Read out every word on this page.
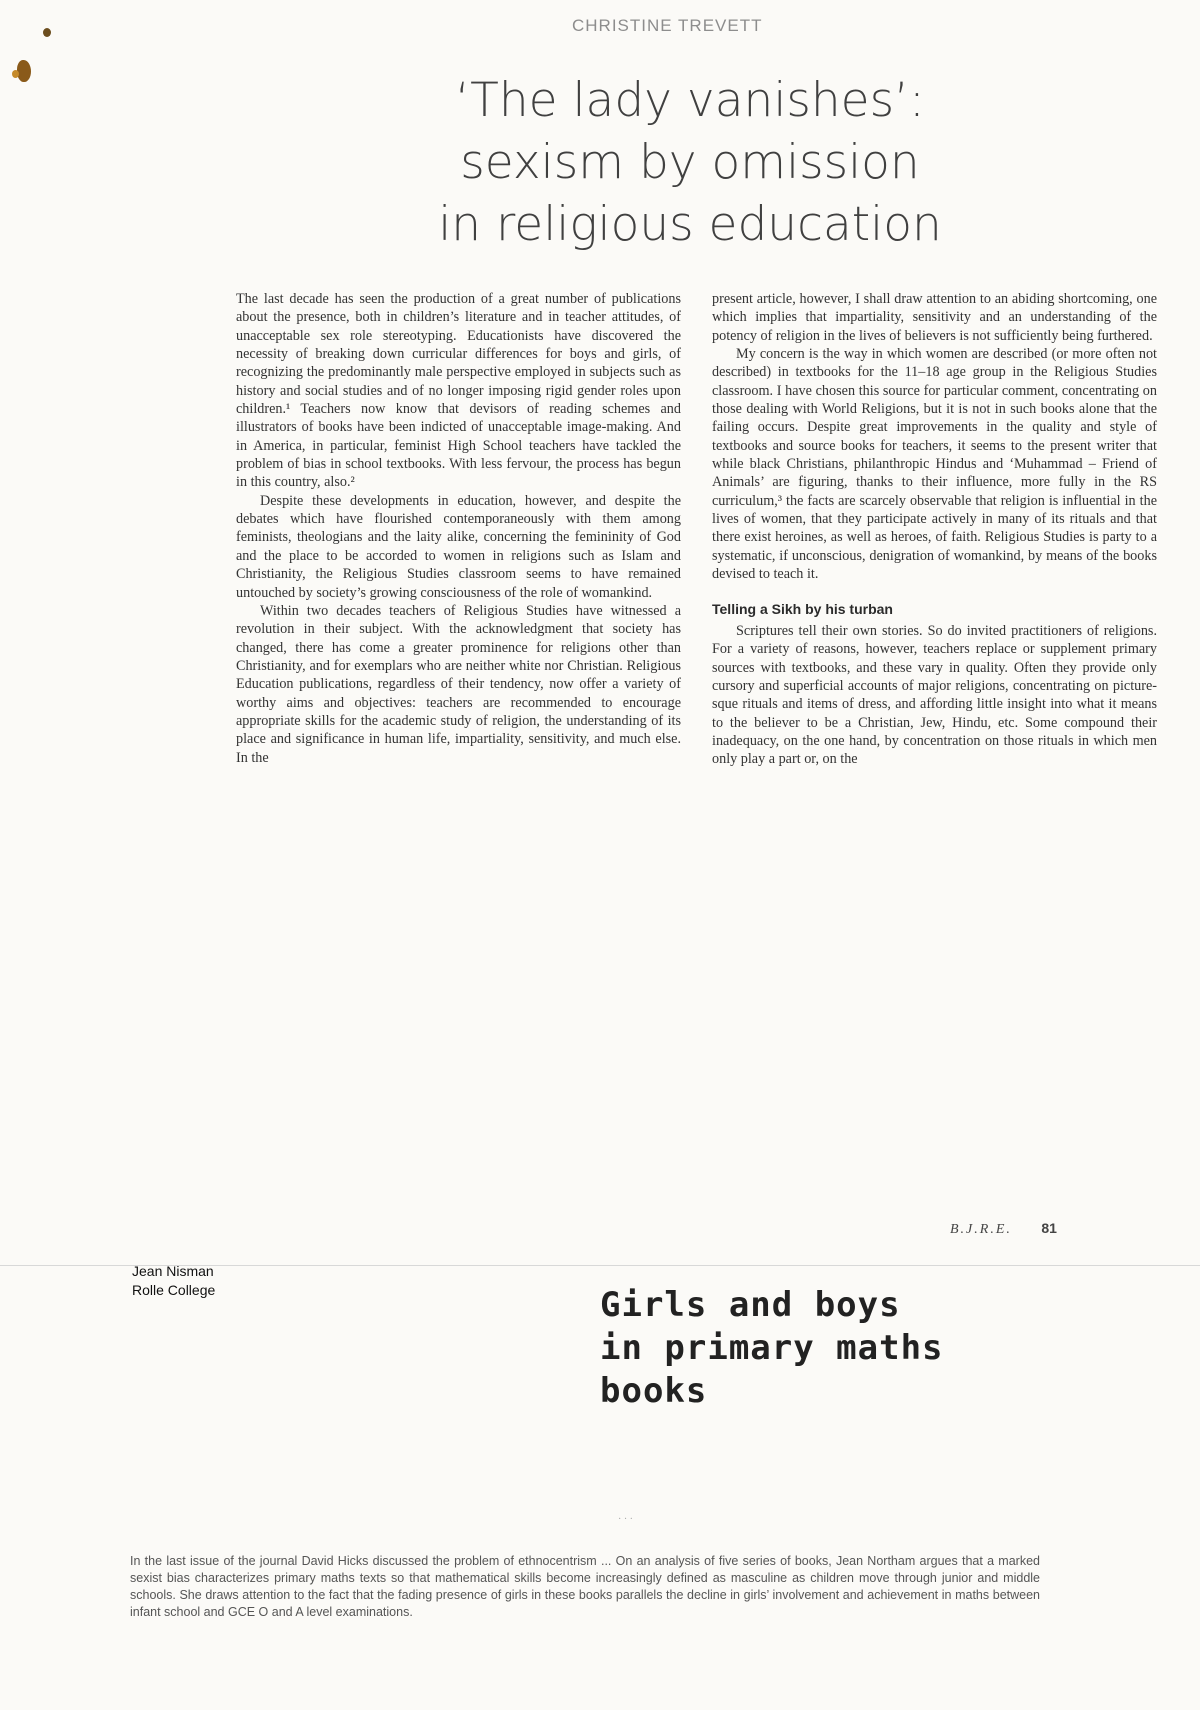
CHRISTINE TREVETT
‘The lady vanishes’:
sexism by omission
in religious education

The last decade has seen the production of a great number of publications about the presence, both in children’s literature and in teacher attitudes, of unacceptable sex role stereotyping. Educationists have discovered the necessity of breaking down curricular differences for boys and girls, of recognizing the predominantly male perspective employed in subjects such as history and social studies and of no longer imposing rigid gender roles upon children.¹ Teachers now know that devisors of reading schemes and illustrators of books have been indicted of unacceptable image-making. And in America, in particular, feminist High School teachers have tackled the problem of bias in school textbooks. With less fervour, the process has begun in this country, also.²

Despite these developments in education, however, and despite the debates which have flourished contemporaneously with them among feminists, theologians and the laity alike, concerning the femininity of God and the place to be accorded to women in religions such as Islam and Christianity, the Religious Studies classroom seems to have remained untouched by society’s growing consciousness of the role of womankind.

Within two decades teachers of Religious Studies have witnessed a revolution in their subject. With the acknowledgment that society has changed, there has come a greater prominence for religions other than Christianity, and for exemplars who are neither white nor Christian. Religious Education publications, regardless of their tendency, now offer a variety of worthy aims and objectives: teachers are recommended to encourage appropriate skills for the academic study of religion, the understanding of its place and significance in human life, impartiality, sensitivity, and much else. In the

present article, however, I shall draw attention to an abiding shortcoming, one which implies that impartiality, sensitivity and an understanding of the potency of religion in the lives of believers is not sufficiently being furthered.

My concern is the way in which women are described (or more often not described) in textbooks for the 11–18 age group in the Religious Studies classroom. I have chosen this source for particular comment, concentrating on those dealing with World Religions, but it is not in such books alone that the failing occurs. Despite great improvements in the quality and style of textbooks and source books for teachers, it seems to the present writer that while black Christians, philanthropic Hindus and ‘Muhammad – Friend of Animals’ are figuring, thanks to their influence, more fully in the RS curriculum,³ the facts are scarcely observable that religion is influential in the lives of women, that they participate actively in many of its rituals and that there exist heroines, as well as heroes, of faith. Religious Studies is party to a systematic, if unconscious, denigration of womankind, by means of the books devised to teach it.

Telling a Sikh by his turban

Scriptures tell their own stories. So do invited practitioners of religions. For a variety of reasons, however, teachers replace or supplement primary sources with textbooks, and these vary in quality. Often they provide only cursory and superficial accounts of major religions, concentrating on picture-sque rituals and items of dress, and affording little insight into what it means to the believer to be a Christian, Jew, Hindu, etc. Some compound their inadequacy, on the one hand, by concentration on those rituals in which men only play a part or, on the

B.J.R.E. 81
Jean Nisman
Rolle College	Girls and boys
in primary maths
books
· · ·
In the last issue of the journal David Hicks discussed the problem of ethnocentrism ... On an analysis of five series of books, Jean Northam argues that a marked sexist bias characterizes primary maths texts so that mathematical skills become increasingly defined as masculine as children move through junior and middle schools. She draws attention to the fact that the fading presence of girls in these books parallels the decline in girls’ involvement and achievement in maths between infant school and GCE O and A level examinations.
